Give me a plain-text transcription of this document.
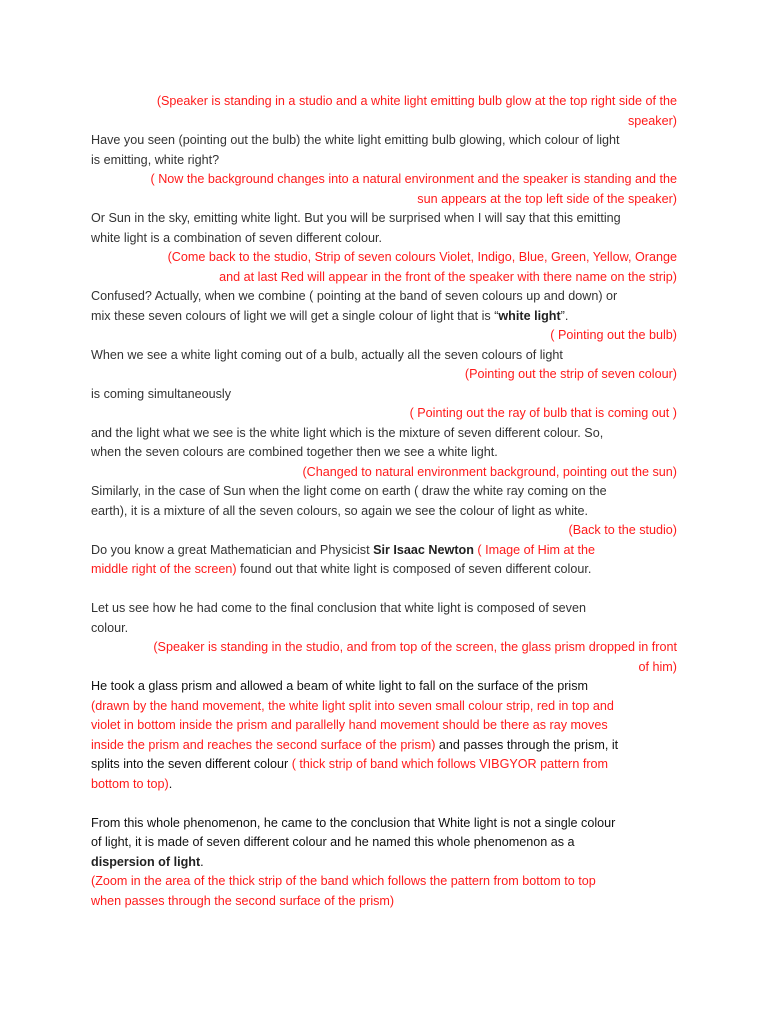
(Speaker is standing in a studio and a white light emitting bulb glow at the top right side of the
speaker)
Have you seen (pointing out the bulb) the white light emitting bulb glowing, which colour of light
is emitting, white right?
( Now the background changes into a natural environment and the speaker is standing and the
sun appears at the top left side of the speaker)
Or Sun in the sky, emitting white light. But you will be surprised when I will say that this emitting
white light is a combination of seven different colour.
(Come back to the studio, Strip of seven colours Violet, Indigo, Blue, Green, Yellow, Orange
and at last Red will appear in the front of the speaker with there name on the strip)
Confused? Actually, when we combine ( pointing at the band of seven colours up and down) or
mix these seven colours of light we will get a single colour of light that is “white light”.
( Pointing out the bulb)
When we see a white light coming out of a bulb, actually all the seven colours of light
(Pointing out the strip of seven colour)
is coming simultaneously
( Pointing out the ray of bulb that is coming out )
and the light what we see is the white light which is the mixture of seven different colour. So,
when the seven colours are combined together then we see a white light.
(Changed to natural environment background, pointing out the sun)
Similarly, in the case of Sun when the light come on earth ( draw the white ray coming on the
earth), it is a mixture of all the seven colours, so again we see the colour of light as white.
(Back to the studio)
Do you know a great Mathematician and Physicist Sir Isaac Newton ( Image of Him at the
middle right of the screen) found out that white light is composed of seven different colour.
Let us see how he had come to the final conclusion that white light is composed of seven
colour.
(Speaker is standing in the studio, and from top of the screen, the glass prism dropped in front
of him)
He took a glass prism and allowed a beam of white light to fall on the surface of the prism
(drawn by the hand movement, the white light split into seven small colour strip, red in top and
violet in bottom inside the prism and parallelly hand movement should be there as ray moves
inside the prism and reaches the second surface of the prism) and passes through the prism, it
splits into the seven different colour ( thick strip of band which follows VIBGYOR pattern from
bottom to top).
From this whole phenomenon, he came to the conclusion that White light is not a single colour
of light, it is made of seven different colour and he named this whole phenomenon as a
dispersion of light.
(Zoom in the area of the thick strip of the band which follows the pattern from bottom to top
when passes through the second surface of the prism)
